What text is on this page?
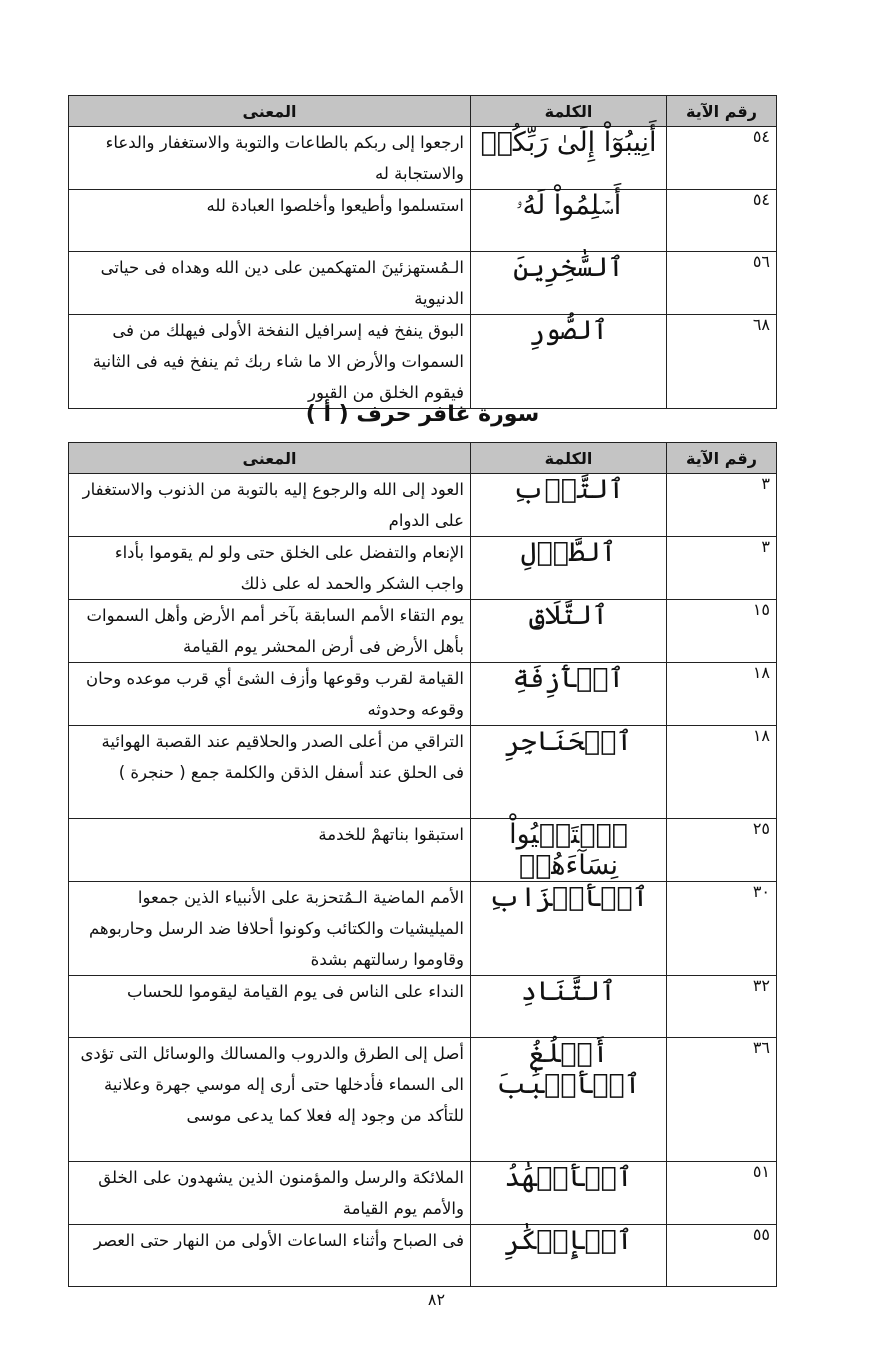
رقم الآية	الكلمة	المعنى
٥٤	أَنِيبُوٓاْ إِلَىٰ رَبِّكُمۡ	ارجعوا إلى ربكم بالطاعات والتوبة والاستغفار والدعاء والاستجابة له
٥٤	أَسۡلِمُواْ لَهُۥ	استسلموا وأطيعوا وأخلصوا العبادة لله
٥٦	ٱلسَّٰخِرِينَ	الـمُستهزئينَ المتهكمين على دين الله وهداه فى حياتى الدنيوية
٦٨	ٱلصُّورِ	البوق ينفخ فيه إسرافيل النفخة الأولى فيهلك من فى السموات والأرض الا ما شاء ربك ثم ينفخ فيه فى الثانية فيقوم الخلق من القبور
سورة غافر حرف ( أ )
رقم الآية	الكلمة	المعنى
٣	ٱلتَّوۡبِ	العود إلى الله والرجوع إليه بالتوبة من الذنوب والاستغفار على الدوام
٣	ٱلطَّوۡلِ	الإنعام والتفضل على الخلق حتى ولو لم يقوموا بأداء واجب الشكر والحمد له على ذلك
١٥	ٱلتَّلَاقِ	يوم التقاء الأمم السابقة بآخر أمم الأرض وأهل السموات بأهل الأرض فى أرض المحشر يوم القيامة
١٨	ٱلۡأٓزِفَةِ	القيامة لقرب وقوعها وأزف الشئ أي قرب موعده وحان وقوعه وحدوثه
١٨	ٱلۡحَنَاجِرِ	التراقي من أعلى الصدر والحلاقيم عند القصبة الهوائية فى الحلق عند أسفل الذقن والكلمة جمع ( حنجرة )
٢٥	ٱسۡتَحۡيُواْ نِسَآءَهُمۡ	استبقوا بناتهمْ للخدمة
٣٠	ٱلۡأَحۡزَابِ	الأمم الماضية الـمُتحزبة على الأنبياء الذين جمعوا الميليشيات والكتائب وكونوا أحلافا ضد الرسل وحاربوهم وقاوموا رسالتهم بشدة
٣٢	ٱلتَّنَادِ	النداء على الناس فى يوم القيامة ليقوموا للحساب
٣٦	أَبۡلُغُ ٱلۡأَسۡبَٰبَ	أصل إلى الطرق والدروب والمسالك والوسائل التى تؤدى الى السماء فأدخلها حتى أرى إله موسي جهرة وعلانية للتأكد من وجود إله فعلا كما يدعى موسى
٥١	ٱلۡأَشۡهَٰدُ	الملائكة والرسل والمؤمنون الذين يشهدون على الخلق والأمم يوم القيامة
٥٥	ٱلۡإِبۡكَٰرِ	فى الصباح وأثناء الساعات الأولى من النهار حتى العصر
٨٢
